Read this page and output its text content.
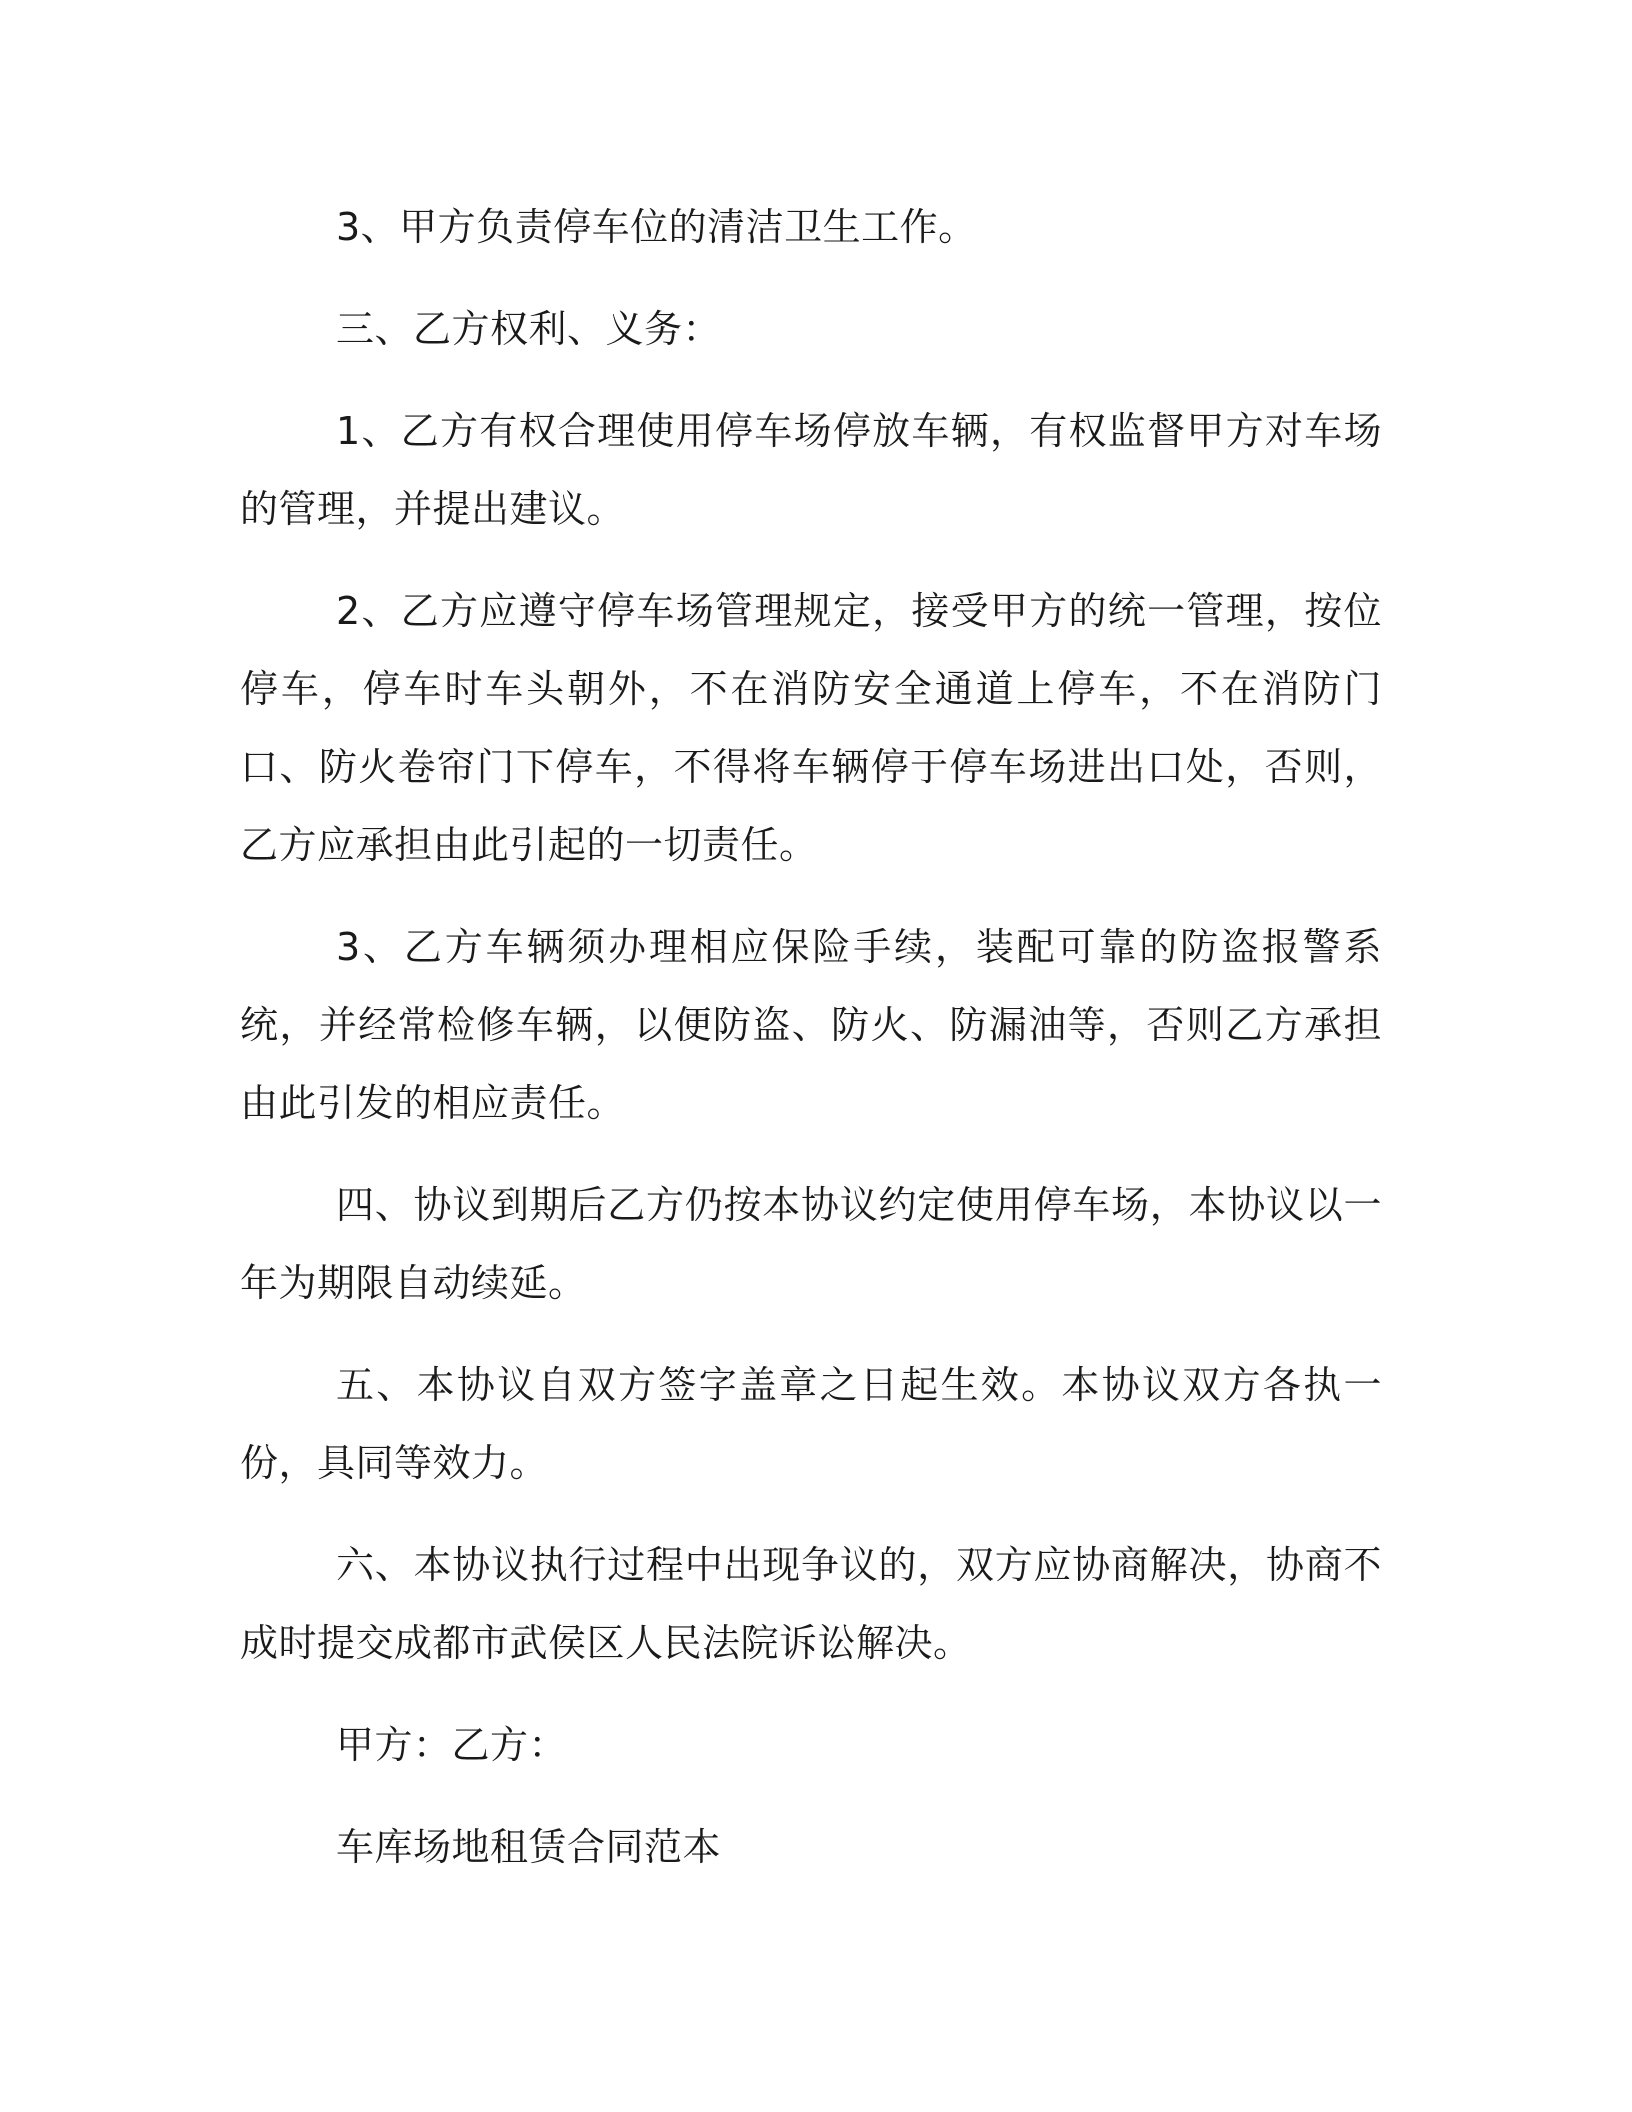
3、甲方负责停车位的清洁卫生工作。

三、乙方权利、义务：

1、乙方有权合理使用停车场停放车辆，有权监督甲方对车场的管理，并提出建议。

2、乙方应遵守停车场管理规定，接受甲方的统一管理，按位停车，停车时车头朝外，不在消防安全通道上停车，不在消防门口、防火卷帘门下停车，不得将车辆停于停车场进出口处，否则，乙方应承担由此引起的一切责任。

3、乙方车辆须办理相应保险手续，装配可靠的防盗报警系统，并经常检修车辆，以便防盗、防火、防漏油等，否则乙方承担由此引发的相应责任。

四、协议到期后乙方仍按本协议约定使用停车场，本协议以一年为期限自动续延。

五、本协议自双方签字盖章之日起生效。本协议双方各执一份，具同等效力。

六、本协议执行过程中出现争议的，双方应协商解决，协商不成时提交成都市武侯区人民法院诉讼解决。

甲方：乙方：

车库场地租赁合同范本
